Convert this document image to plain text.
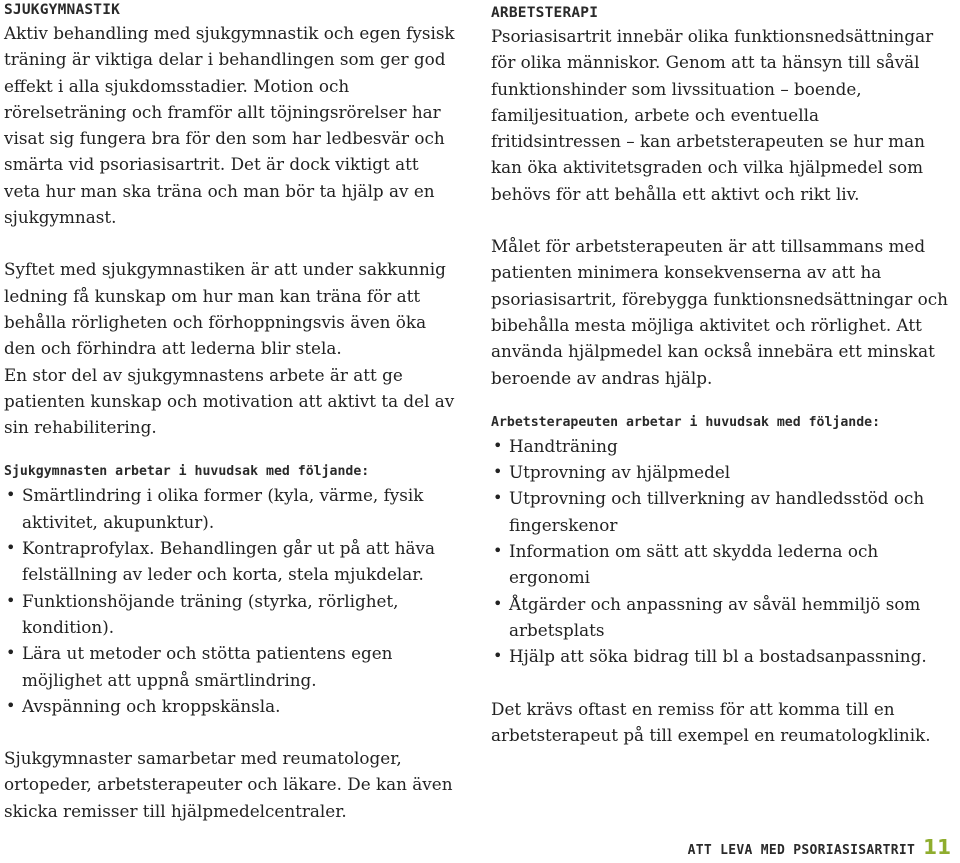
SJUKGYMNASTIK

Aktiv behandling med sjukgymnastik och egen fysisk träning är viktiga delar i behandlingen som ger god effekt i alla sjukdomsstadier. Motion och rörelseträning och framför allt töjningsrörelser har visat sig fungera bra för den som har ledbesvär och smärta vid psoriasisartrit. Det är dock viktigt att veta hur man ska träna och man bör ta hjälp av en sjukgymnast.

Syftet med sjukgymnastiken är att under sakkunnig ledning få kunskap om hur man kan träna för att behålla rörligheten och förhoppningsvis även öka den och förhindra att lederna blir stela.

En stor del av sjukgymnastens arbete är att ge patienten kunskap och motivation att aktivt ta del av sin rehabilitering.

Sjukgymnasten arbetar i huvudsak med följande:
• Smärtlindring i olika former (kyla, värme, fysik aktivitet, akupunktur).
• Kontraprofylax. Behandlingen går ut på att häva felställning av leder och korta, stela mjukdelar.
• Funktionshöjande träning (styrka, rörlighet, kondition).
• Lära ut metoder och stötta patientens egen möjlighet att uppnå smärtlindring.
• Avspänning och kroppskänsla.

Sjukgymnaster samarbetar med reumatologer, ortopeder, arbetsterapeuter och läkare. De kan även skicka remisser till hjälpmedelcentraler.

ARBETSTERAPI

Psoriasisartrit innebär olika funktionsnedsättningar för olika människor. Genom att ta hänsyn till såväl funktionshinder som livssituation – boende, familjesituation, arbete och eventuella fritidsintressen – kan arbetsterapeuten se hur man kan öka aktivitetsgraden och vilka hjälpmedel som behövs för att behålla ett aktivt och rikt liv.

Målet för arbetsterapeuten är att tillsammans med patienten minimera konsekvenserna av att ha psoriasisartrit, förebygga funktionsnedsättningar och bibehålla mesta möjliga aktivitet och rörlighet. Att använda hjälpmedel kan också innebära ett minskat beroende av andras hjälp.

Arbetsterapeuten arbetar i huvudsak med följande:
• Handträning
• Utprovning av hjälpmedel
• Utprovning och tillverkning av handledsstöd och fingerskenor
• Information om sätt att skydda lederna och ergonomi
• Åtgärder och anpassning av såväl hemmiljö som arbetsplats
• Hjälp att söka bidrag till bl a bostadsanpassning.

Det krävs oftast en remiss för att komma till en arbetsterapeut på till exempel en reumatologklinik.

ATT LEVA MED PSORIASISARTRIT 11
